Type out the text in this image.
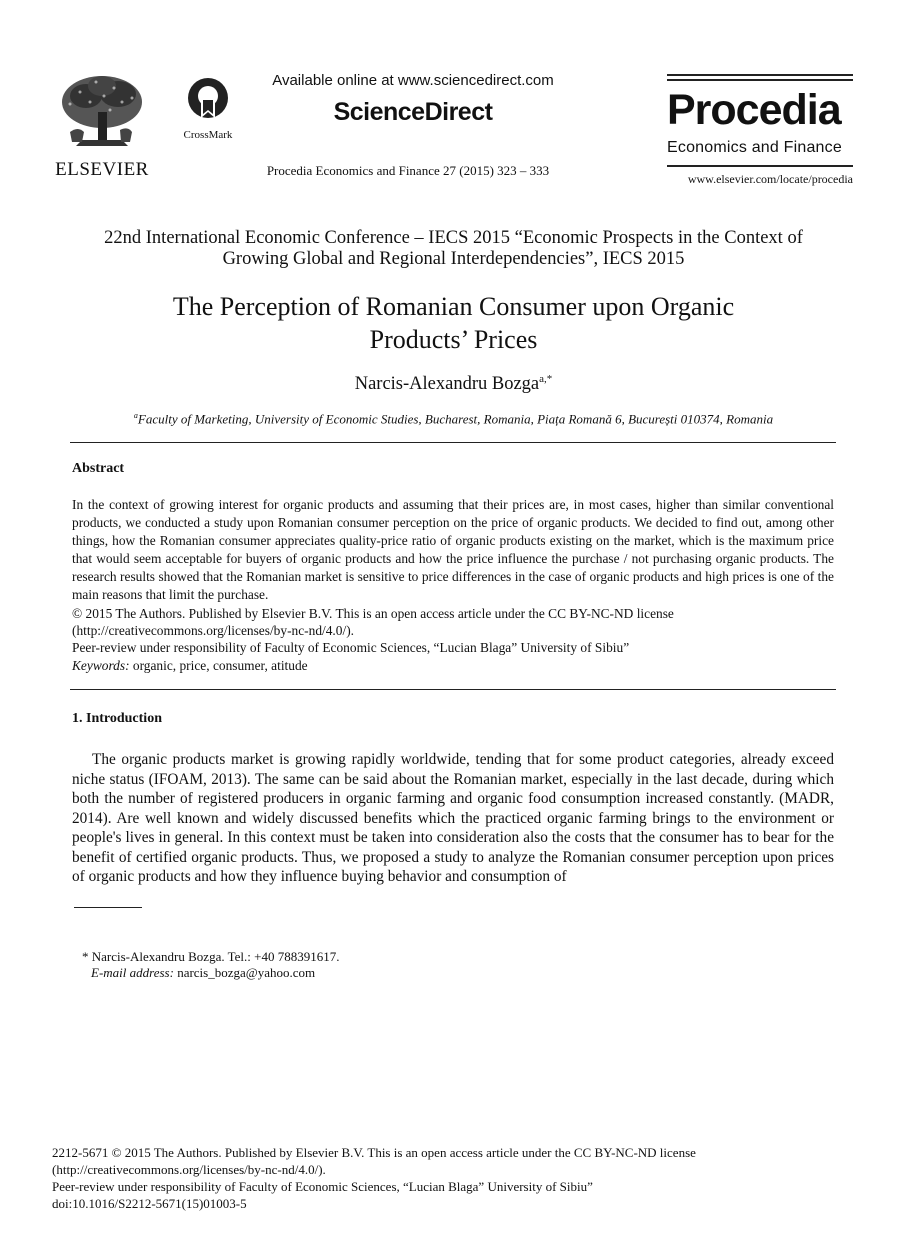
ELSEVIER
CrossMark
Available online at www.sciencedirect.com
ScienceDirect
Procedia Economics and Finance 27 (2015) 323 – 333
Procedia
Economics and Finance
www.elsevier.com/locate/procedia
22nd International Economic Conference – IECS 2015 “Economic Prospects in the Context of
Growing Global and Regional Interdependencies”, IECS 2015
The Perception of Romanian Consumer upon Organic
Products’ Prices
Narcis-Alexandru Bozga$^{a,*}$
$^a$Faculty of Marketing, University of Economic Studies, Bucharest, Romania, Piața Romană 6, București 010374, Romania
Abstract
In the context of growing interest for organic products and assuming that their prices are, in most cases, higher than similar conventional products, we conducted a study upon Romanian consumer perception on the price of organic products. We decided to find out, among other things, how the Romanian consumer appreciates quality-price ratio of organic products existing on the market, which is the maximum price that would seem acceptable for buyers of organic products and how the price influence the purchase / not purchasing organic products. The research results showed that the Romanian market is sensitive to price differences in the case of organic products and high prices is one of the main reasons that limit the purchase.
© 2015 The Authors. Published by Elsevier B.V. This is an open access article under the CC BY-NC-ND license
(http://creativecommons.org/licenses/by-nc-nd/4.0/).
Peer-review under responsibility of Faculty of Economic Sciences, “Lucian Blaga” University of Sibiu”
Keywords: organic, price, consumer, atitude
1. Introduction
The organic products market is growing rapidly worldwide, tending that for some product categories, already exceed niche status (IFOAM, 2013). The same can be said about the Romanian market, especially in the last decade, during which both the number of registered producers in organic farming and organic food consumption increased constantly. (MADR, 2014). Are well known and widely discussed benefits which the practiced organic farming brings to the environment or people's lives in general. In this context must be taken into consideration also the costs that the consumer has to bear for the benefit of certified organic products. Thus, we proposed a study to analyze the Romanian consumer perception upon prices of organic products and how they influence buying behavior and consumption of
* Narcis-Alexandru Bozga. Tel.: +40 788391617.
E-mail address: narcis_bozga@yahoo.com
2212-5671 © 2015 The Authors. Published by Elsevier B.V. This is an open access article under the CC BY-NC-ND license
(http://creativecommons.org/licenses/by-nc-nd/4.0/).
Peer-review under responsibility of Faculty of Economic Sciences, “Lucian Blaga” University of Sibiu”
doi:10.1016/S2212-5671(15)01003-5
